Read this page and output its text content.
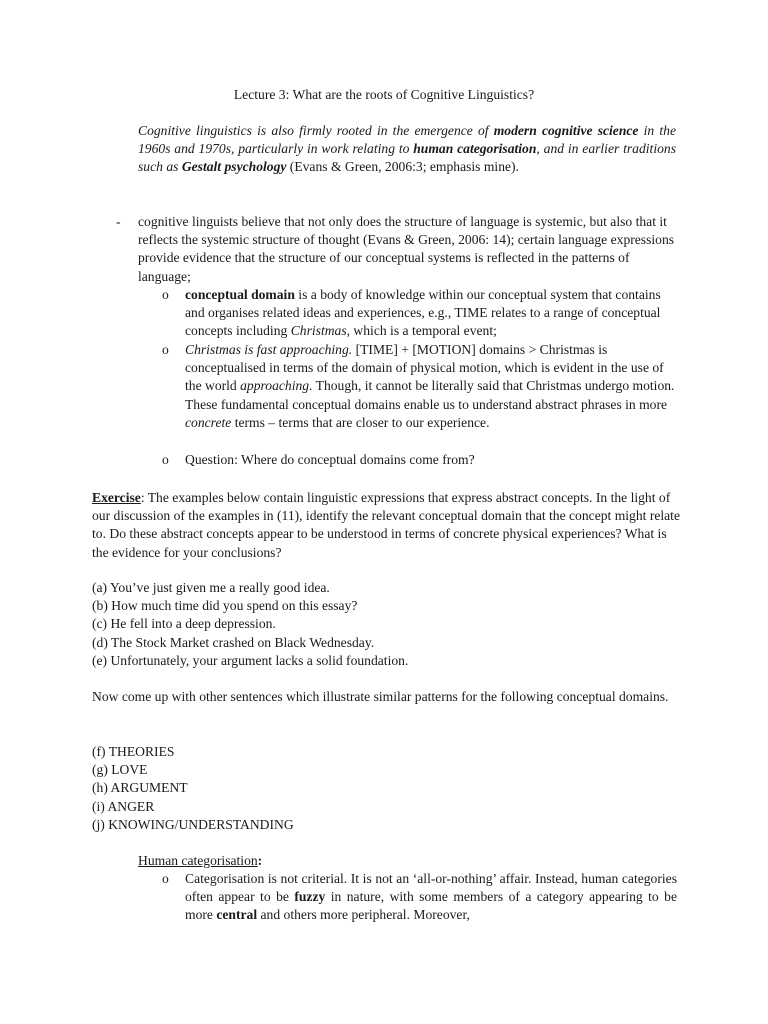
Lecture 3: What are the roots of Cognitive Linguistics?

Cognitive linguistics is also firmly rooted in the emergence of modern cognitive science in the 1960s and 1970s, particularly in work relating to human categorisation, and in earlier traditions such as Gestalt psychology (Evans & Green, 2006:3; emphasis mine).

- cognitive linguists believe that not only does the structure of language is systemic, but also that it reflects the systemic structure of thought (Evans & Green, 2006: 14); certain language expressions provide evidence that the structure of our conceptual systems is reflected in the patterns of language;

o conceptual domain is a body of knowledge within our conceptual system that contains and organises related ideas and experiences, e.g., TIME relates to a range of conceptual concepts including Christmas, which is a temporal event;

o Christmas is fast approaching. [TIME] + [MOTION] domains > Christmas is conceptualised in terms of the domain of physical motion, which is evident in the use of the world approaching. Though, it cannot be literally said that Christmas undergo motion. These fundamental conceptual domains enable us to understand abstract phrases in more concrete terms – terms that are closer to our experience.

o Question: Where do conceptual domains come from?

Exercise: The examples below contain linguistic expressions that express abstract concepts. In the light of our discussion of the examples in (11), identify the relevant conceptual domain that the concept might relate to. Do these abstract concepts appear to be understood in terms of concrete physical experiences? What is the evidence for your conclusions?

(a) You’ve just given me a really good idea.
(b) How much time did you spend on this essay?
(c) He fell into a deep depression.
(d) The Stock Market crashed on Black Wednesday.
(e) Unfortunately, your argument lacks a solid foundation.

Now come up with other sentences which illustrate similar patterns for the following conceptual domains.

(f) THEORIES
(g) LOVE
(h) ARGUMENT
(i) ANGER
(j) KNOWING/UNDERSTANDING

Human categorisation:

o Categorisation is not criterial. It is not an ‘all-or-nothing’ affair. Instead, human categories often appear to be fuzzy in nature, with some members of a category appearing to be more central and others more peripheral. Moreover,
